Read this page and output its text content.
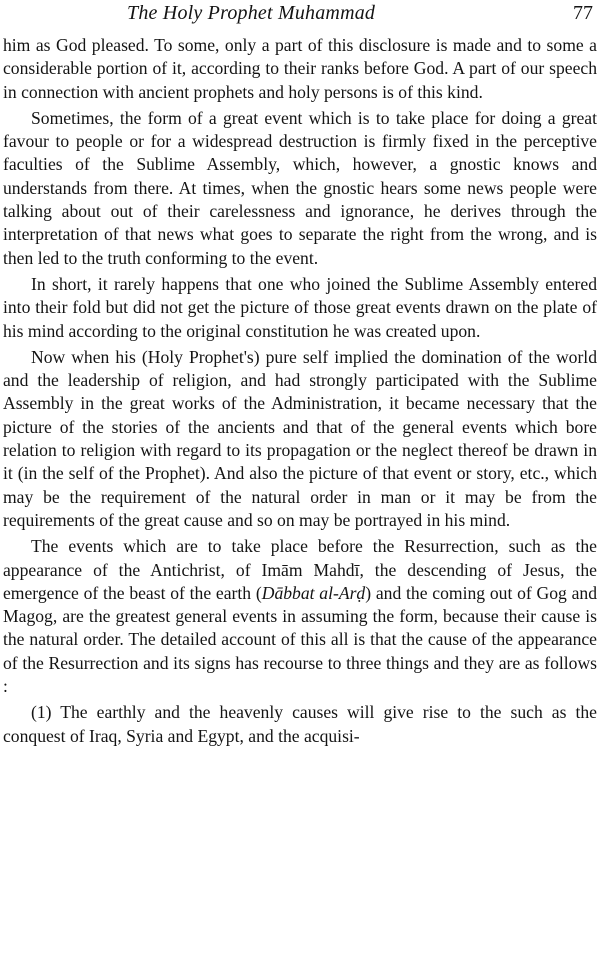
The Holy Prophet Muhammad	77

him as God pleased. To some, only a part of this disclosure is made and to some a considerable portion of it, according to their ranks before God. A part of our speech in connection with ancient prophets and holy persons is of this kind.

Sometimes, the form of a great event which is to take place for doing a great favour to people or for a widespread destruction is firmly fixed in the perceptive faculties of the Sublime Assembly, which, however, a gnostic knows and understands from there. At times, when the gnostic hears some news people were talking about out of their carelessness and ignorance, he derives through the interpretation of that news what goes to separate the right from the wrong, and is then led to the truth conforming to the event.

In short, it rarely happens that one who joined the Sublime Assembly entered into their fold but did not get the picture of those great events drawn on the plate of his mind according to the original constitution he was created upon.

Now when his (Holy Prophet's) pure self implied the domination of the world and the leadership of religion, and had strongly participated with the Sublime Assembly in the great works of the Administration, it became necessary that the picture of the stories of the ancients and that of the general events which bore relation to religion with regard to its propagation or the neglect thereof be drawn in it (in the self of the Prophet). And also the picture of that event or story, etc., which may be the requirement of the natural order in man or it may be from the requirements of the great cause and so on may be portrayed in his mind.

The events which are to take place before the Resurrection, such as the appearance of the Antichrist, of Imām Mahdī, the descending of Jesus, the emergence of the beast of the earth (Dābbat al-Arḍ) and the coming out of Gog and Magog, are the greatest general events in assuming the form, because their cause is the natural order. The detailed account of this all is that the cause of the appearance of the Resurrection and its signs has recourse to three things and they are as follows :

(1) The earthly and the heavenly causes will give rise to the such as the conquest of Iraq, Syria and Egypt, and the acquisi-
